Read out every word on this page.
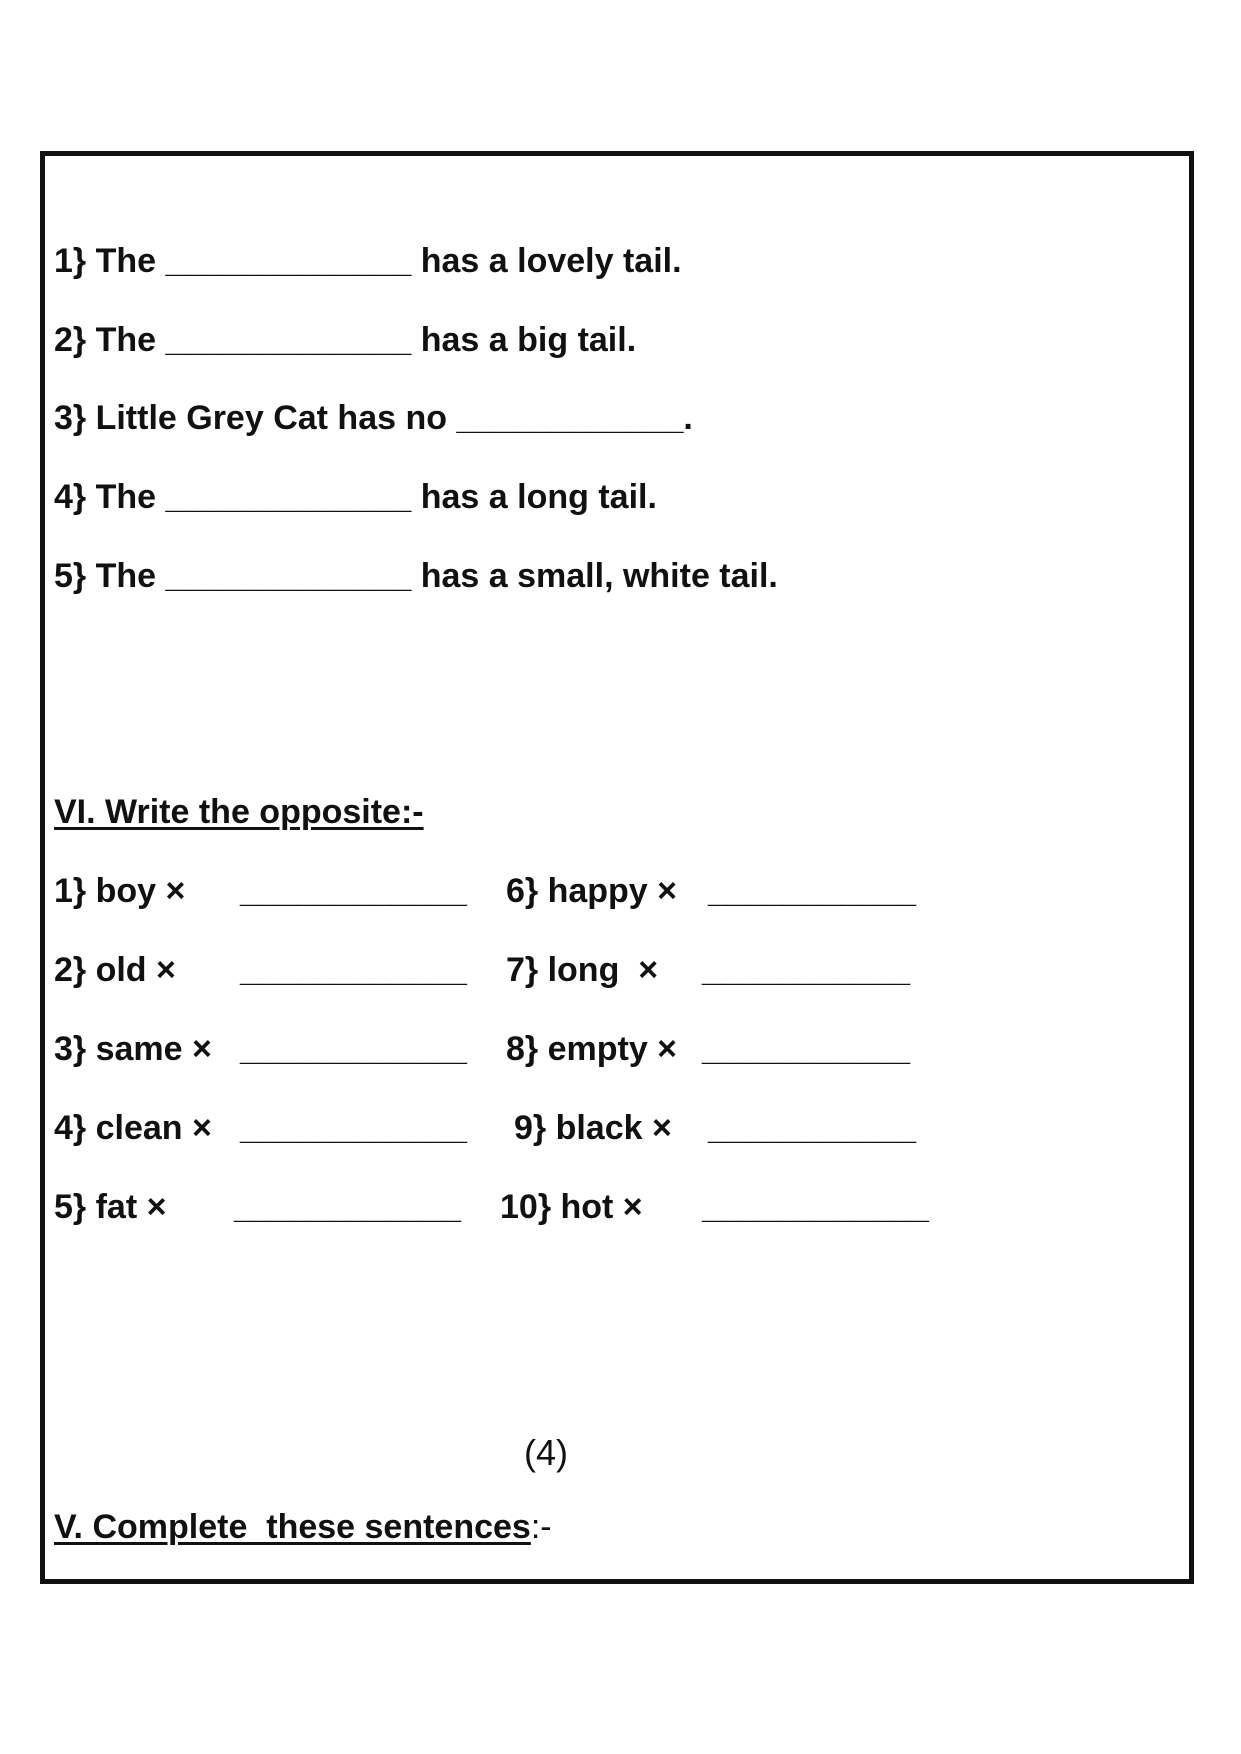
1} The _____________ has a lovely tail.
2} The _____________ has a big tail.
3} Little Grey Cat has no ____________.
4} The _____________ has a long tail.
5} The _____________ has a small, white tail.
VI. Write the opposite:-
1} boy × ____________ 6} happy × ___________
2} old × ____________ 7} long  × ___________
3} same × ____________ 8} empty × ___________
4} clean × ____________ 9} black × ___________
5} fat × ____________ 10} hot × ____________
(4)
V. Complete  these sentences:-
